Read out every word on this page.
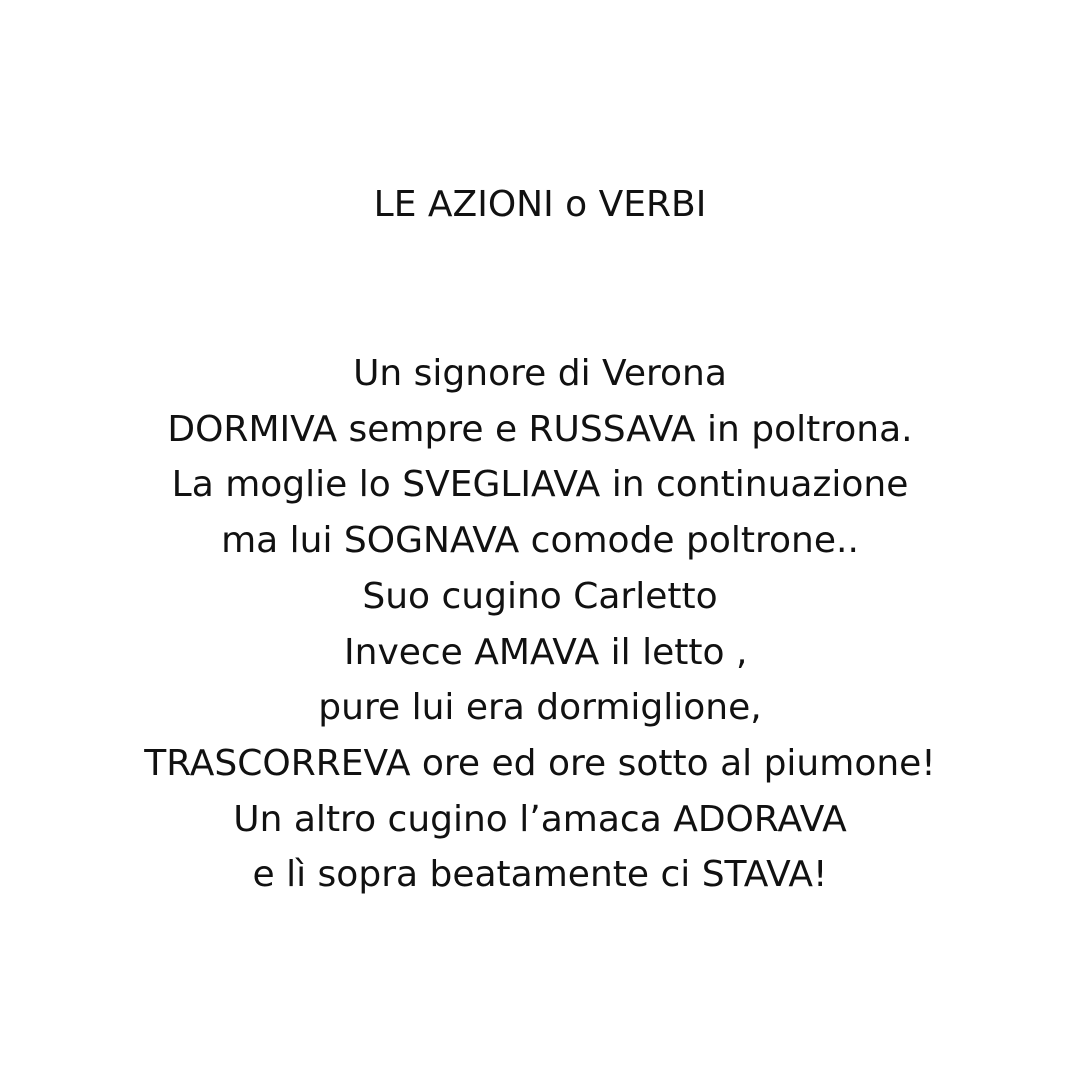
LE AZIONI o VERBI
Un signore di Verona
DORMIVA sempre e RUSSAVA in poltrona.
La moglie lo SVEGLIAVA in continuazione
ma lui SOGNAVA comode poltrone..
Suo cugino Carletto
Invece AMAVA il letto ,
pure lui era dormiglione,
TRASCORREVA ore ed ore sotto al piumone!
Un altro cugino l’amaca ADORAVA
e lì sopra beatamente ci STAVA!
